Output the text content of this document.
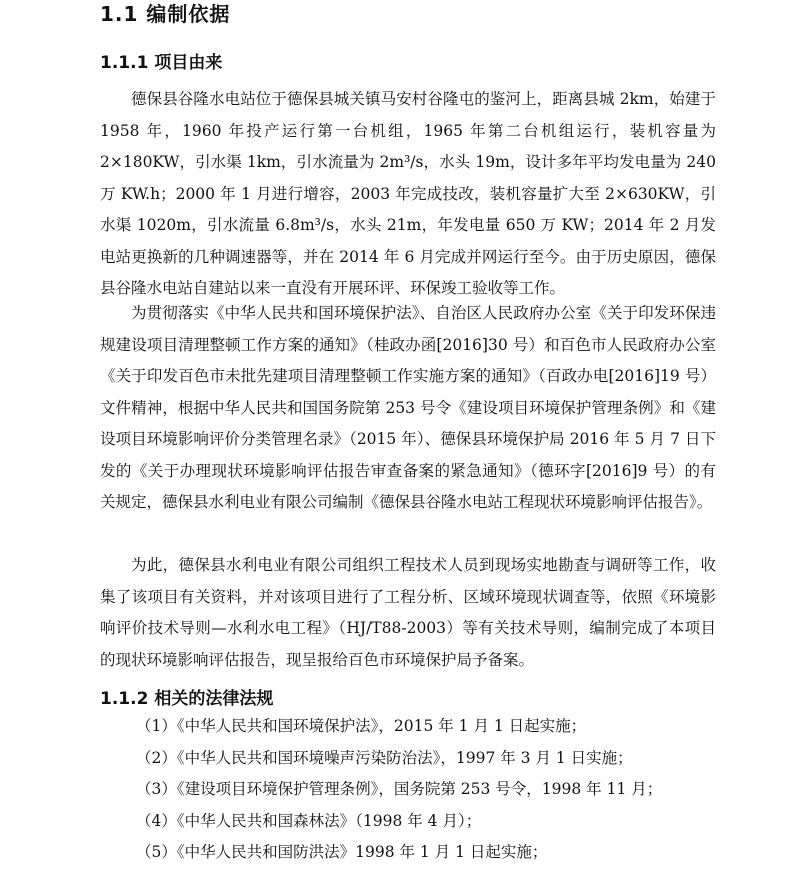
1.1 编制依据
1.1.1 项目由来

德保县谷隆水电站位于德保县城关镇马安村谷隆屯的鉴河上，距离县城 2km，始建于 1958 年，1960 年投产运行第一台机组，1965 年第二台机组运行，装机容量为 2×180KW，引水渠 1km，引水流量为 2m³/s，水头 19m，设计多年平均发电量为 240 万 KW.h；2000 年 1 月进行增容，2003 年完成技改，装机容量扩大至 2×630KW，引水渠 1020m，引水流量 6.8m³/s，水头 21m，年发电量 650 万 KW；2014 年 2 月发电站更换新的几种调速器等，并在 2014 年 6 月完成并网运行至今。由于历史原因，德保县谷隆水电站自建站以来一直没有开展环评、环保竣工验收等工作。

为贯彻落实《中华人民共和国环境保护法》、自治区人民政府办公室《关于印发环保违规建设项目清理整顿工作方案的通知》（桂政办函[2016]30 号）和百色市人民政府办公室《关于印发百色市未批先建项目清理整顿工作实施方案的通知》（百政办电[2016]19 号）文件精神，根据中华人民共和国国务院第 253 号令《建设项目环境保护管理条例》和《建设项目环境影响评价分类管理名录》（2015 年）、德保县环境保护局 2016 年 5 月 7 日下发的《关于办理现状环境影响评估报告审查备案的紧急通知》（德环字[2016]9 号）的有关规定，德保县水利电业有限公司编制《德保县谷隆水电站工程现状环境影响评估报告》。

为此，德保县水利电业有限公司组织工程技术人员到现场实地勘查与调研等工作，收集了该项目有关资料，并对该项目进行了工程分析、区域环境现状调查等，依照《环境影响评价技术导则—水利水电工程》（HJ/T88-2003）等有关技术导则，编制完成了本项目的现状环境影响评估报告，现呈报给百色市环境保护局予备案。

1.1.2 相关的法律法规
（1）《中华人民共和国环境保护法》，2015 年 1 月 1 日起实施；
（2）《中华人民共和国环境噪声污染防治法》，1997 年 3 月 1 日实施；
（3）《建设项目环境保护管理条例》，国务院第 253 号令，1998 年 11 月；
（4）《中华人民共和国森林法》（1998 年 4 月）；
（5）《中华人民共和国防洪法》1998 年 1 月 1 日起实施；
